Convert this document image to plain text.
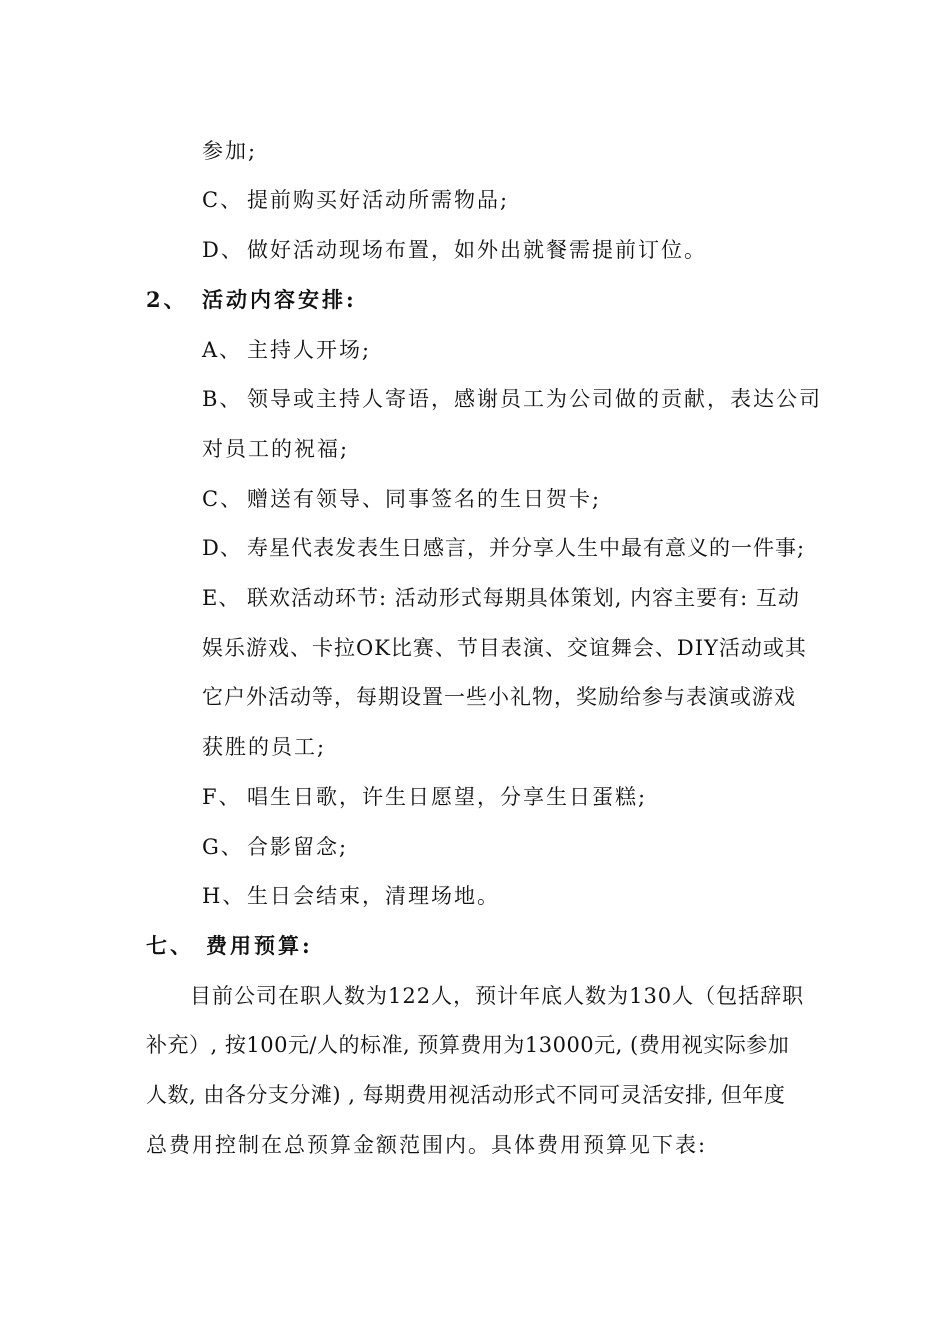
参加;
C、 提前购买好活动所需物品;
D、 做好活动现场布置，如外出就餐需提前订位。
2、 活动内容安排:
A、 主持人开场;
B、 领导或主持人寄语，感谢员工为公司做的贡献，表达公司
对员工的祝福;
C、 赠送有领导、同事签名的生日贺卡;
D、 寿星代表发表生日感言，并分享人生中最有意义的一件事;
E、 联欢活动环节: 活动形式每期具体策划, 内容主要有: 互动
娱乐游戏、卡拉OK比赛、节目表演、交谊舞会、DIY活动或其
它户外活动等，每期设置一些小礼物，奖励给参与表演或游戏
获胜的员工;
F、 唱生日歌，许生日愿望，分享生日蛋糕;
G、 合影留念;
H、生日会结束，清理场地。
七、 费用预算:
目前公司在职人数为122人，预计年底人数为130人（包括辞职
补充）, 按100元/人的标准, 预算费用为13000元, (费用视实际参加
人数, 由各分支分滩) , 每期费用视活动形式不同可灵活安排, 但年度
总费用控制在总预算金额范围内。具体费用预算见下表:
